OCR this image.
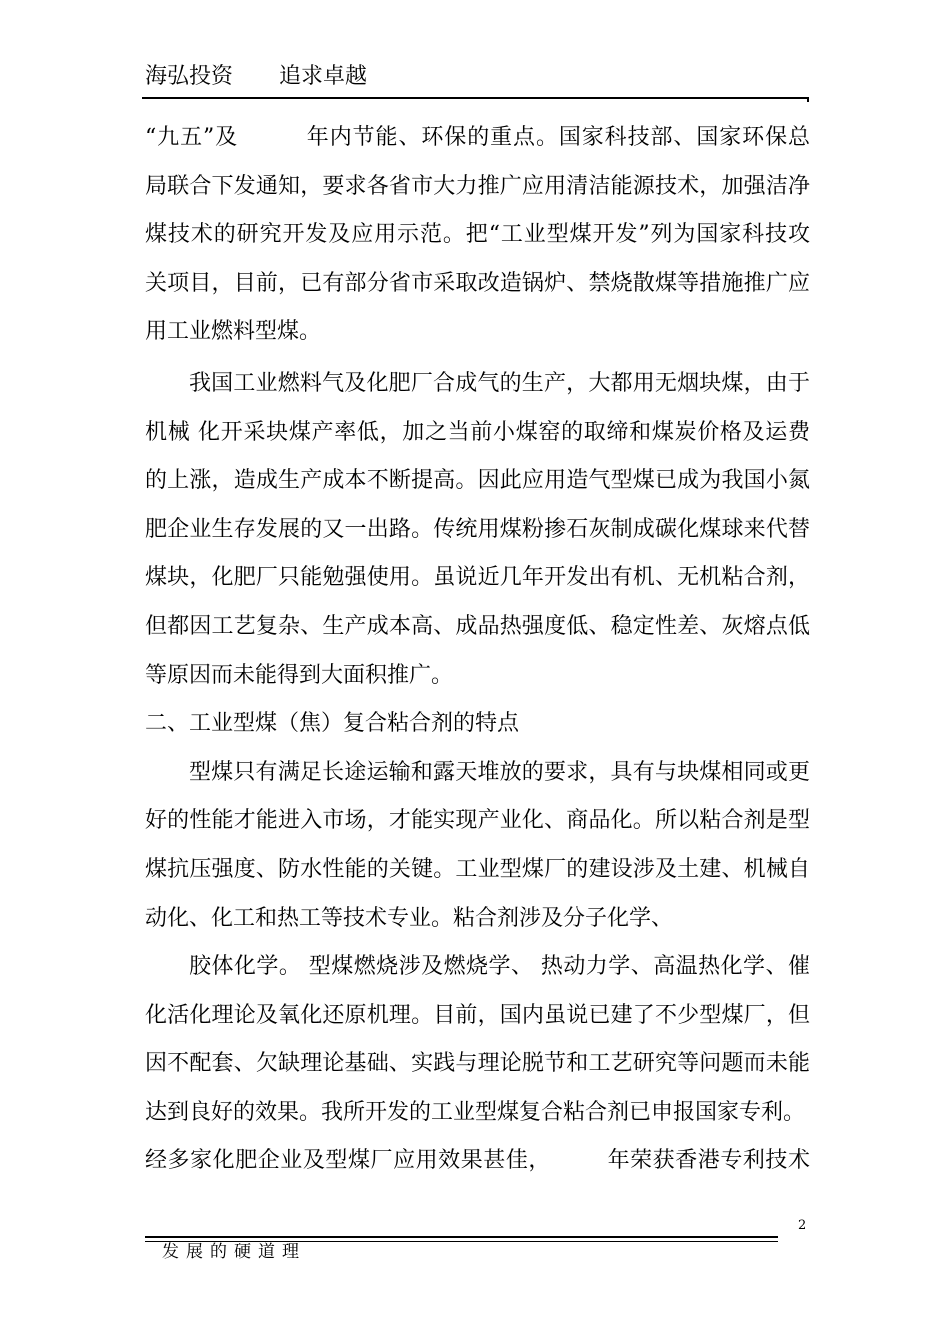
海弘投资 追求卓越
“九五”及　　　年内节能、环保的重点。国家科技部、国家环保总
局联合下发通知，要求各省市大力推广应用清洁能源技术，加强洁净
煤技术的研究开发及应用示范。把“工业型煤开发”列为国家科技攻
关项目，目前，已有部分省市采取改造锅炉、禁烧散煤等措施推广应
用工业燃料型煤。
我国工业燃料气及化肥厂合成气的生产，大都用无烟块煤，由于
机械 化开采块煤产率低，加之当前小煤窑的取缔和煤炭价格及运费
的上涨，造成生产成本不断提高。因此应用造气型煤已成为我国小氮
肥企业生存发展的又一出路。传统用煤粉掺石灰制成碳化煤球来代替
煤块，化肥厂只能勉强使用。虽说近几年开发出有机、无机粘合剂，
但都因工艺复杂、生产成本高、成品热强度低、稳定性差、灰熔点低
等原因而未能得到大面积推广。
二、工业型煤（焦）复合粘合剂的特点
型煤只有满足长途运输和露天堆放的要求，具有与块煤相同或更
好的性能才能进入市场，才能实现产业化、商品化。所以粘合剂是型
煤抗压强度、防水性能的关键。工业型煤厂的建设涉及土建、机械自
动化、化工和热工等技术专业。粘合剂涉及分子化学、
胶体化学。 型煤燃烧涉及燃烧学、 热动力学、高温热化学、催
化活化理论及氧化还原机理。目前，国内虽说已建了不少型煤厂，但
因不配套、欠缺理论基础、实践与理论脱节和工艺研究等问题而未能
达到良好的效果。我所开发的工业型煤复合粘合剂已申报国家专利。
经多家化肥企业及型煤厂应用效果甚佳，　　　年荣获香港专利技术
2
发展的硬道理
